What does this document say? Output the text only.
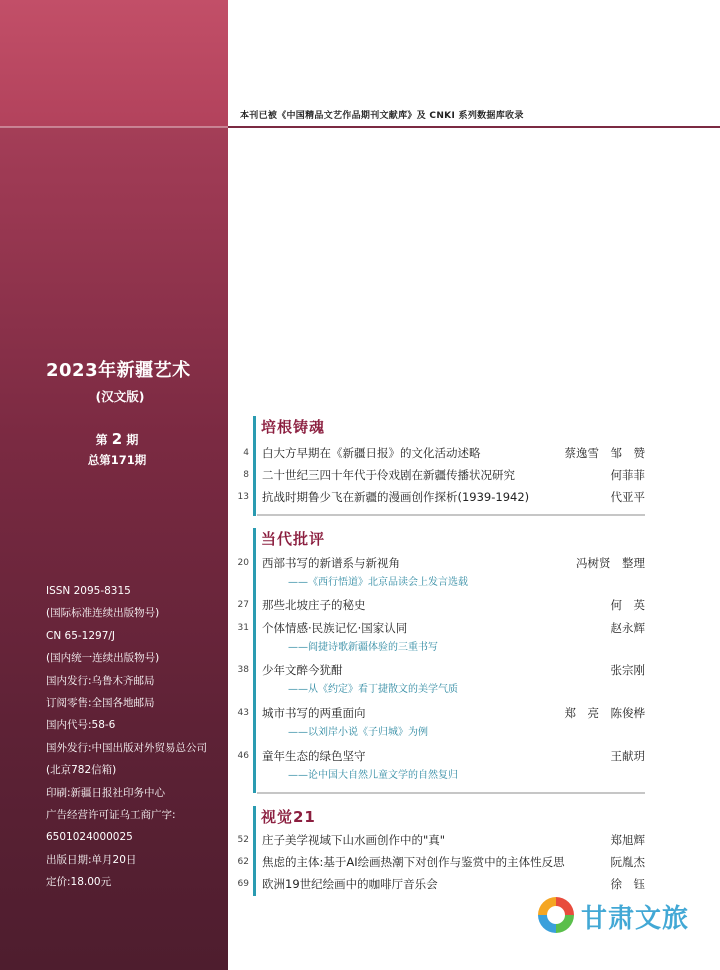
目录
CONTENTS
2023年新疆艺术
(汉文版)
第 2 期
总第171期
ISSN 2095-8315
(国际标准连续出版物号)
CN 65-1297/J
(国内统一连续出版物号)
国内发行:乌鲁木齐邮局
订阅零售:全国各地邮局
国内代号:58-6
国外发行:中国出版对外贸易总公司
(北京782信箱)
印刷:新疆日报社印务中心
广告经营许可证乌工商广字:
6501024000025
出版日期:单月20日
定价:18.00元
本刊已被《中国精品文艺作品期刊文献库》及 CNKI 系列数据库收录
培根铸魂
4 白大方早期在《新疆日报》的文化活动述略	蔡逸雪　邹　赞
8 二十世纪三四十年代于伶戏剧在新疆传播状况研究	何菲菲
13 抗战时期鲁少飞在新疆的漫画创作探析(1939-1942)	代亚平
当代批评
20 西部书写的新谱系与新视角	冯树贤　整理
——《西行悟道》北京品读会上发言选载
27 那些北坡庄子的秘史	何　英
31 个体情感·民族记忆·国家认同	赵永辉
——阎捷诗歌新疆体验的三重书写
38 少年文醉今犹酣	张宗刚
——从《约定》看丁捷散文的美学气质
43 城市书写的两重面向	郑　亮　陈俊桦
——以刘岸小说《子归城》为例
46 童年生态的绿色坚守	王献玥
——论中国大自然儿童文学的自然复归
视觉21
52 庄子美学视域下山水画创作中的"真"	郑旭辉
62 焦虑的主体:基于AI绘画热潮下对创作与鉴赏中的主体性反思	阮胤杰
69 欧洲19世纪绘画中的咖啡厅音乐会	徐　钰
甘肃文旅
